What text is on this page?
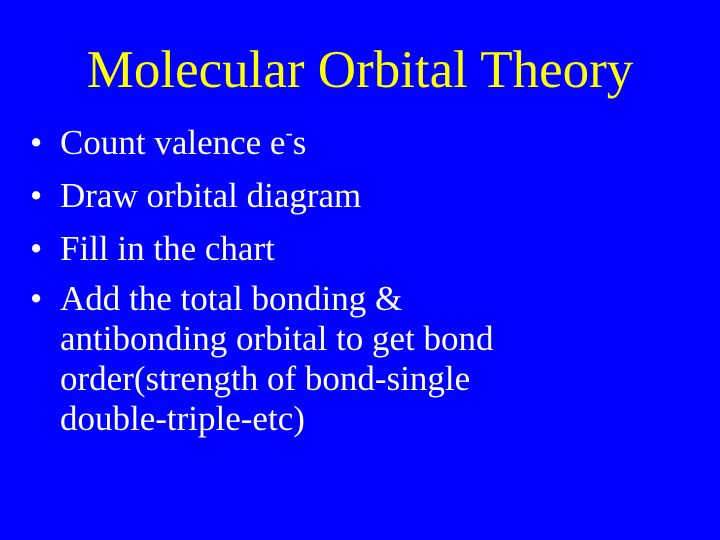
Molecular Orbital Theory
• Count valence e-s
• Draw orbital diagram
• Fill in the chart
• Add the total bonding &
antibonding orbital to get bond
order(strength of bond-single
double-triple-etc)
